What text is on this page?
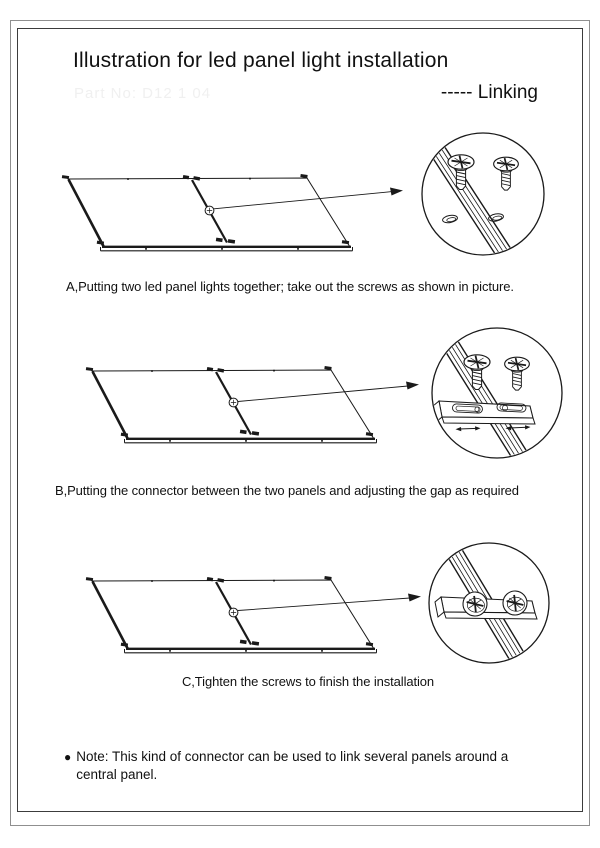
Illustration for led panel light installation
Part No: D12 1 04	----- Linking
A,Putting two led panel lights together; take out the screws as shown in picture.
B,Putting the connector between the two panels and adjusting the gap as required
C,Tighten the screws to finish the installation
● Note: This kind of connector can be used to link several panels around a central panel.
